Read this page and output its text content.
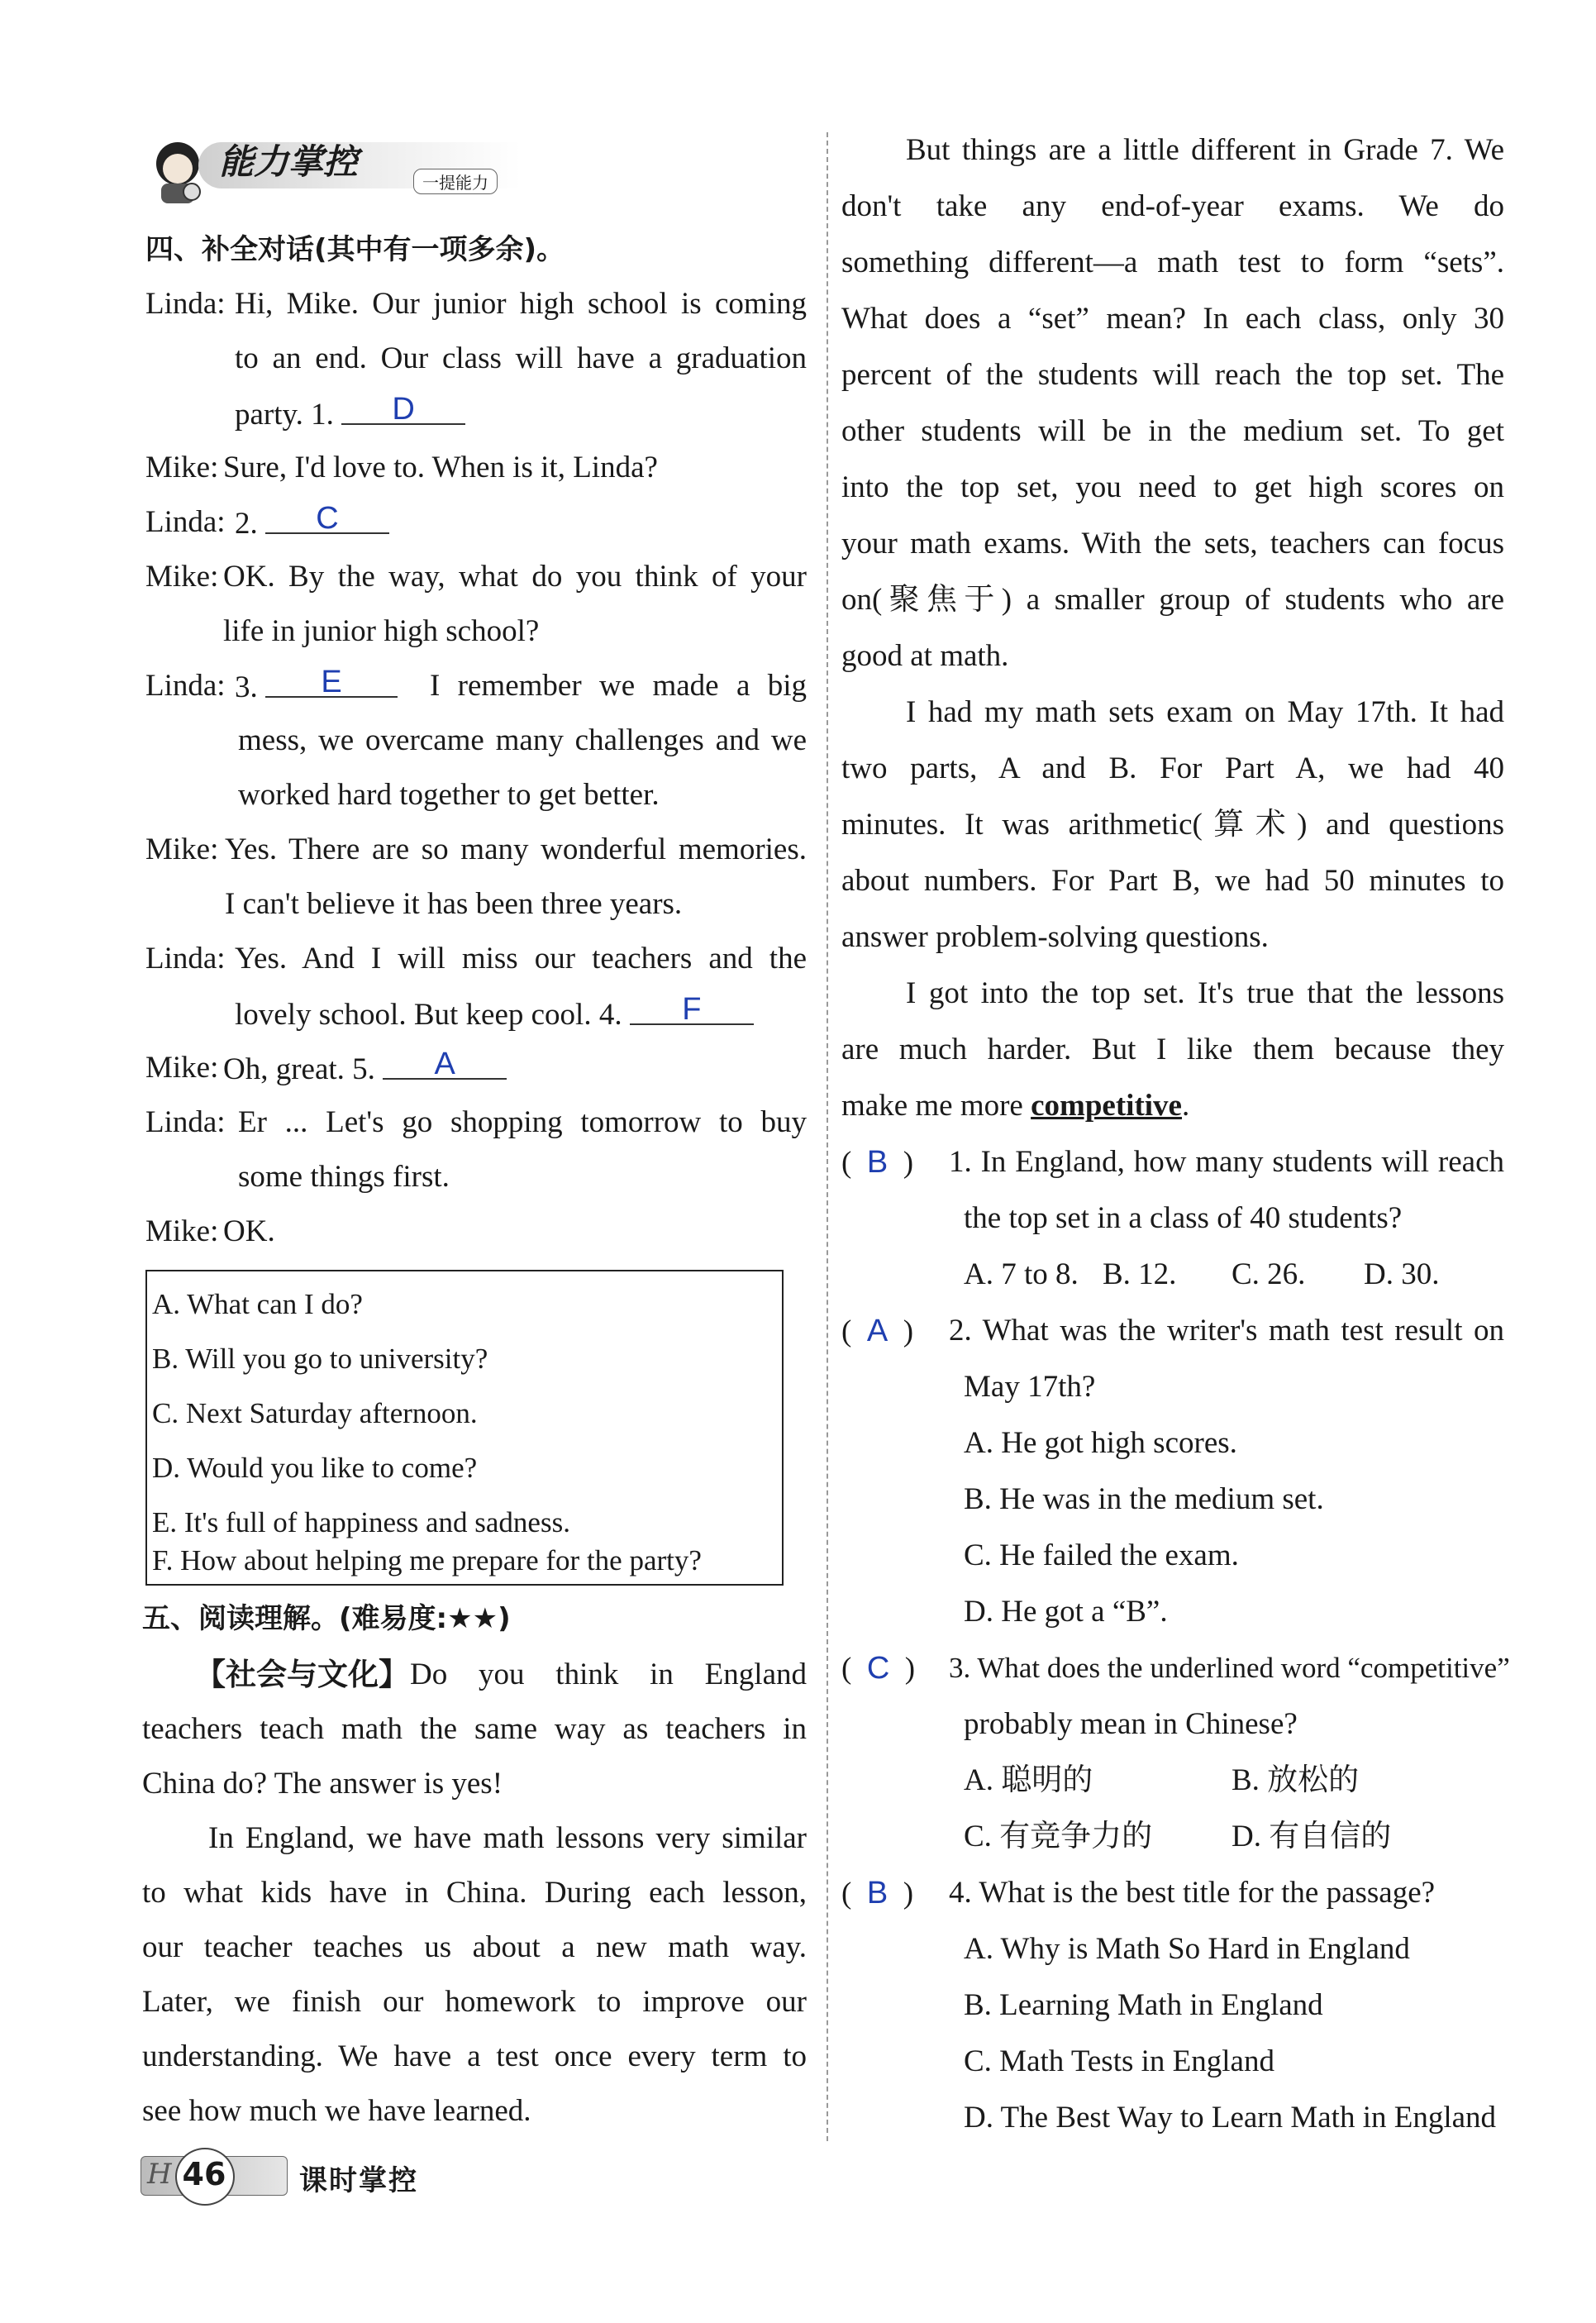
能力掌控
一提能力
四、补全对话(其中有一项多余)。
Linda: Hi, Mike. Our junior high school is coming
to an end. Our class will have a graduation
party. 1. D
Mike: Sure, I'd love to. When is it, Linda?
Linda: 2. C
Mike: OK. By the way, what do you think of your
life in junior high school?
Linda: 3. E	I remember we made a big
mess, we overcame many challenges and we
worked hard together to get better.
Mike: Yes. There are so many wonderful memories.
I can't believe it has been three years.
Linda: Yes. And I will miss our teachers and the
lovely school. But keep cool. 4. F
Mike: Oh, great. 5. A
Linda: Er ... Let's go shopping tomorrow to buy
some things first.
Mike: OK.
A. What can I do?
B. Will you go to university?
C. Next Saturday afternoon.
D. Would you like to come?
E. It's full of happiness and sadness.
F. How about helping me prepare for the party?
五、阅读理解。(难易度:★★)
【社会与文化】 Do you think in England
teachers teach math the same way as teachers in
China do? The answer is yes!
In England, we have math lessons very similar
to what kids have in China. During each lesson,
our teacher teaches us about a new math way.
Later, we finish our homework to improve our
understanding. We have a test once every term to
see how much we have learned.
But things are a little different in Grade 7. We
don't take any end-of-year exams. We do
something different—a math test to form “sets”.
What does a “set” mean? In each class, only 30
percent of the students will reach the top set. The
other students will be in the medium set. To get
into the top set, you need to get high scores on
your math exams. With the sets, teachers can focus
on(聚焦于) a smaller group of students who are
good at math.
I had my math sets exam on May 17th. It had
two parts, A and B. For Part A, we had 40
minutes. It was arithmetic(算术) and questions
about numbers. For Part B, we had 50 minutes to
answer problem-solving questions.
I got into the top set. It's true that the lessons
are much harder. But I like them because they
make me more competitive.
(  B  ) 1. In England, how many students will reach
the top set in a class of 40 students?
A. 7 to 8. B. 12. C. 26. D. 30.
(  A  ) 2. What was the writer's math test result on
May 17th?
A. He got high scores.
B. He was in the medium set.
C. He failed the exam.
D. He got a “B”.
(  C  ) 3. What does the underlined word “competitive”
probably mean in Chinese?
A. 聪明的	B. 放松的
C. 有竞争力的	D. 有自信的
(  B  ) 4. What is the best title for the passage?
A. Why is Math So Hard in England
B. Learning Math in England
C. Math Tests in England
D. The Best Way to Learn Math in England
H 46	课时掌控
